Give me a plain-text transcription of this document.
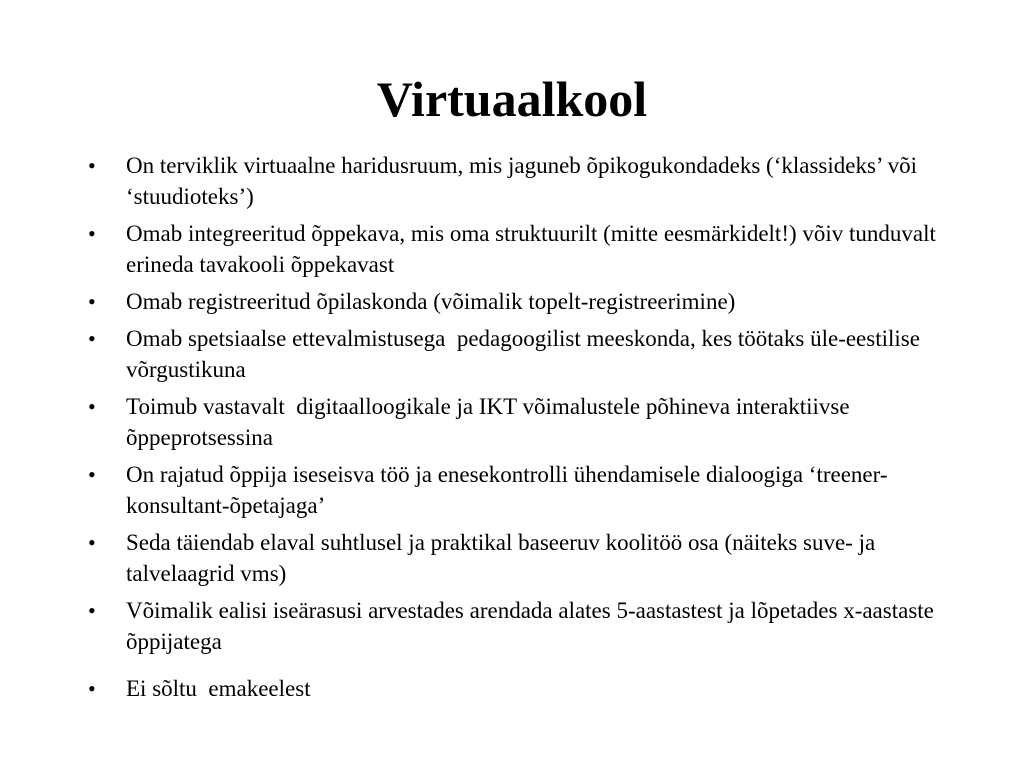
Virtuaalkool
• On terviklik virtuaalne haridusruum, mis jaguneb õpikogukondadeks (‘klassideks’ või ‘stuudioteks’)
• Omab integreeritud õppekava, mis oma struktuurilt (mitte eesmärkidelt!) võiv tunduvalt erineda tavakooli õppekavast
• Omab registreeritud õpilaskonda (võimalik topelt-registreerimine)
• Omab spetsiaalse ettevalmistusega  pedagoogilist meeskonda, kes töötaks üle-eestilise võrgustikuna
• Toimub vastavalt  digitaalloogikale ja IKT võimalustele põhineva interaktiivse õppeprotsessina
• On rajatud õppija iseseisva töö ja enesekontrolli ühendamisele dialoogiga ‘treener-konsultant-õpetajaga’
• Seda täiendab elaval suhtlusel ja praktikal baseeruv koolitöö osa (näiteks suve- ja talvelaagrid vms)
• Võimalik ealisi iseärasusi arvestades arendada alates 5-aastastest ja lõpetades x-aastaste õppijatega
• Ei sõltu  emakeelest
